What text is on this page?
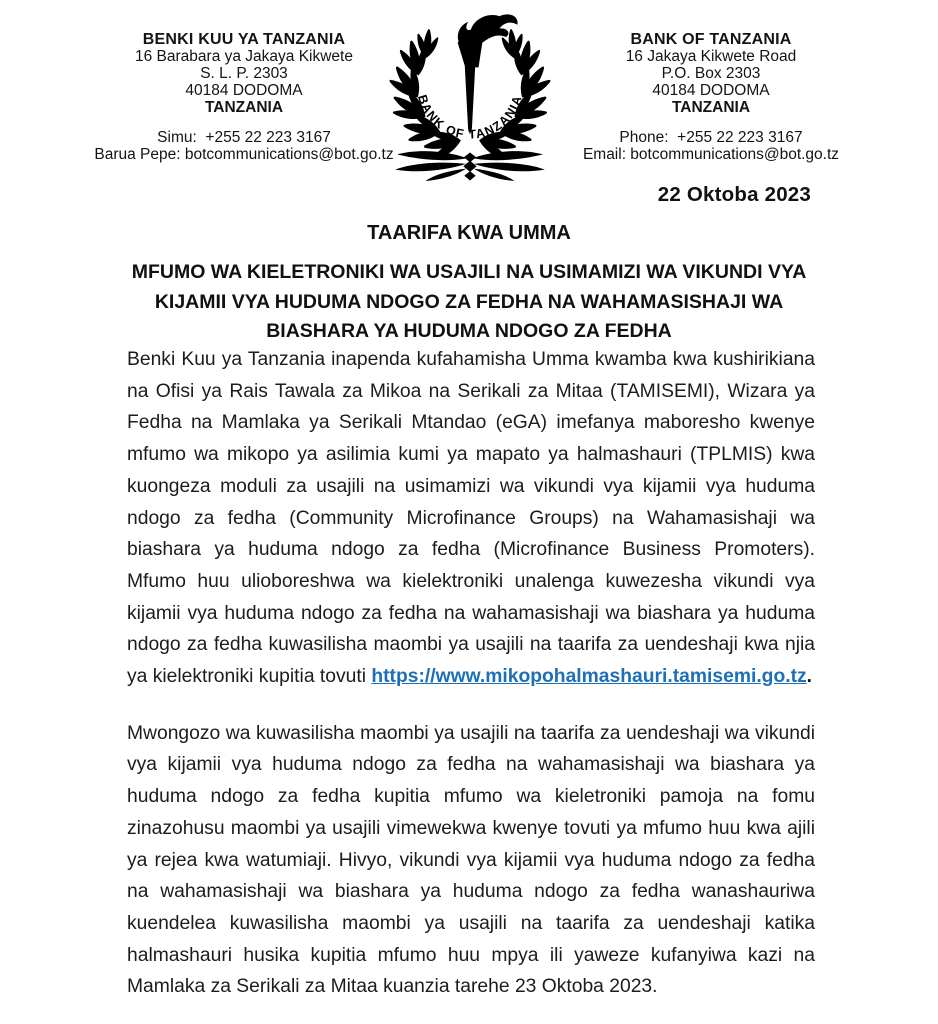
BENKI KUU YA TANZANIA
16 Barabara ya Jakaya Kikwete
S. L. P. 2303
40184 DODOMA
TANZANIA
Simu:  +255 22 223 3167
Barua Pepe: botcommunications@bot.go.tz
BANK OF TANZANIA
BANK OF TANZANIA
16 Jakaya Kikwete Road
P.O. Box 2303
40184 DODOMA
TANZANIA
Phone:  +255 22 223 3167
Email: botcommunications@bot.go.tz
22 Oktoba 2023
TAARIFA KWA UMMA
MFUMO WA KIELETRONIKI WA USAJILI NA USIMAMIZI WA VIKUNDI VYA KIJAMII VYA HUDUMA NDOGO ZA FEDHA NA WAHAMASISHAJI WA BIASHARA YA HUDUMA NDOGO ZA FEDHA

Benki Kuu ya Tanzania inapenda kufahamisha Umma kwamba kwa kushirikiana na Ofisi ya Rais Tawala za Mikoa na Serikali za Mitaa (TAMISEMI), Wizara ya Fedha na Mamlaka ya Serikali Mtandao (eGA) imefanya maboresho kwenye mfumo wa mikopo ya asilimia kumi ya mapato ya halmashauri (TPLMIS) kwa kuongeza moduli za usajili na usimamizi wa vikundi vya kijamii vya huduma ndogo za fedha (Community Microfinance Groups) na Wahamasishaji wa biashara ya huduma ndogo za fedha (Microfinance Business Promoters). Mfumo huu ulioboreshwa wa kielektroniki unalenga kuwezesha vikundi vya kijamii vya huduma ndogo za fedha na wahamasishaji wa biashara ya huduma ndogo za fedha kuwasilisha maombi ya usajili na taarifa za uendeshaji kwa njia ya kielektroniki kupitia tovuti https://www.mikopohalmashauri.tamisemi.go.tz.

Mwongozo wa kuwasilisha maombi ya usajili na taarifa za uendeshaji wa vikundi vya kijamii vya huduma ndogo za fedha na wahamasishaji wa biashara ya huduma ndogo za fedha kupitia mfumo wa kieletroniki pamoja na fomu zinazohusu maombi ya usajili vimewekwa kwenye tovuti ya mfumo huu kwa ajili ya rejea kwa watumiaji. Hivyo, vikundi vya kijamii vya huduma ndogo za fedha na wahamasishaji wa biashara ya huduma ndogo za fedha wanashauriwa kuendelea kuwasilisha maombi ya usajili na taarifa za uendeshaji katika halmashauri husika kupitia mfumo huu mpya ili yaweze kufanyiwa kazi na Mamlaka za Serikali za Mitaa kuanzia tarehe 23 Oktoba 2023.
